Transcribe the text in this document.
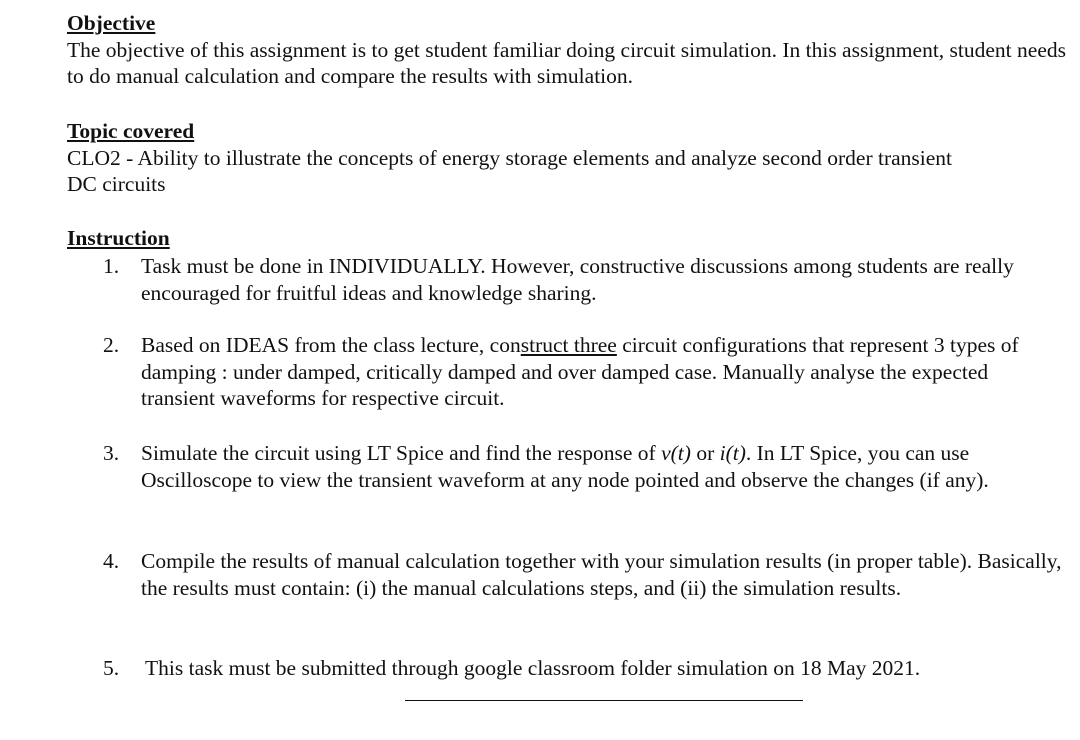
Objective
The objective of this assignment is to get student familiar doing circuit simulation. In this assignment, student needs to do manual calculation and compare the results with simulation.
Topic covered
CLO2 - Ability to illustrate the concepts of energy storage elements and analyze second order transient DC circuits
Instruction
1. Task must be done in INDIVIDUALLY. However, constructive discussions among students are really encouraged for fruitful ideas and knowledge sharing.
2. Based on IDEAS from the class lecture, construct three circuit configurations that represent 3 types of damping : under damped, critically damped and over damped case. Manually analyse the expected transient waveforms for respective circuit.
3. Simulate the circuit using LT Spice and find the response of v(t) or i(t). In LT Spice, you can use Oscilloscope to view the transient waveform at any node pointed and observe the changes (if any).
4. Compile the results of manual calculation together with your simulation results (in proper table). Basically, the results must contain: (i) the manual calculations steps, and (ii) the simulation results.
5. This task must be submitted through google classroom folder simulation on 18 May 2021.
